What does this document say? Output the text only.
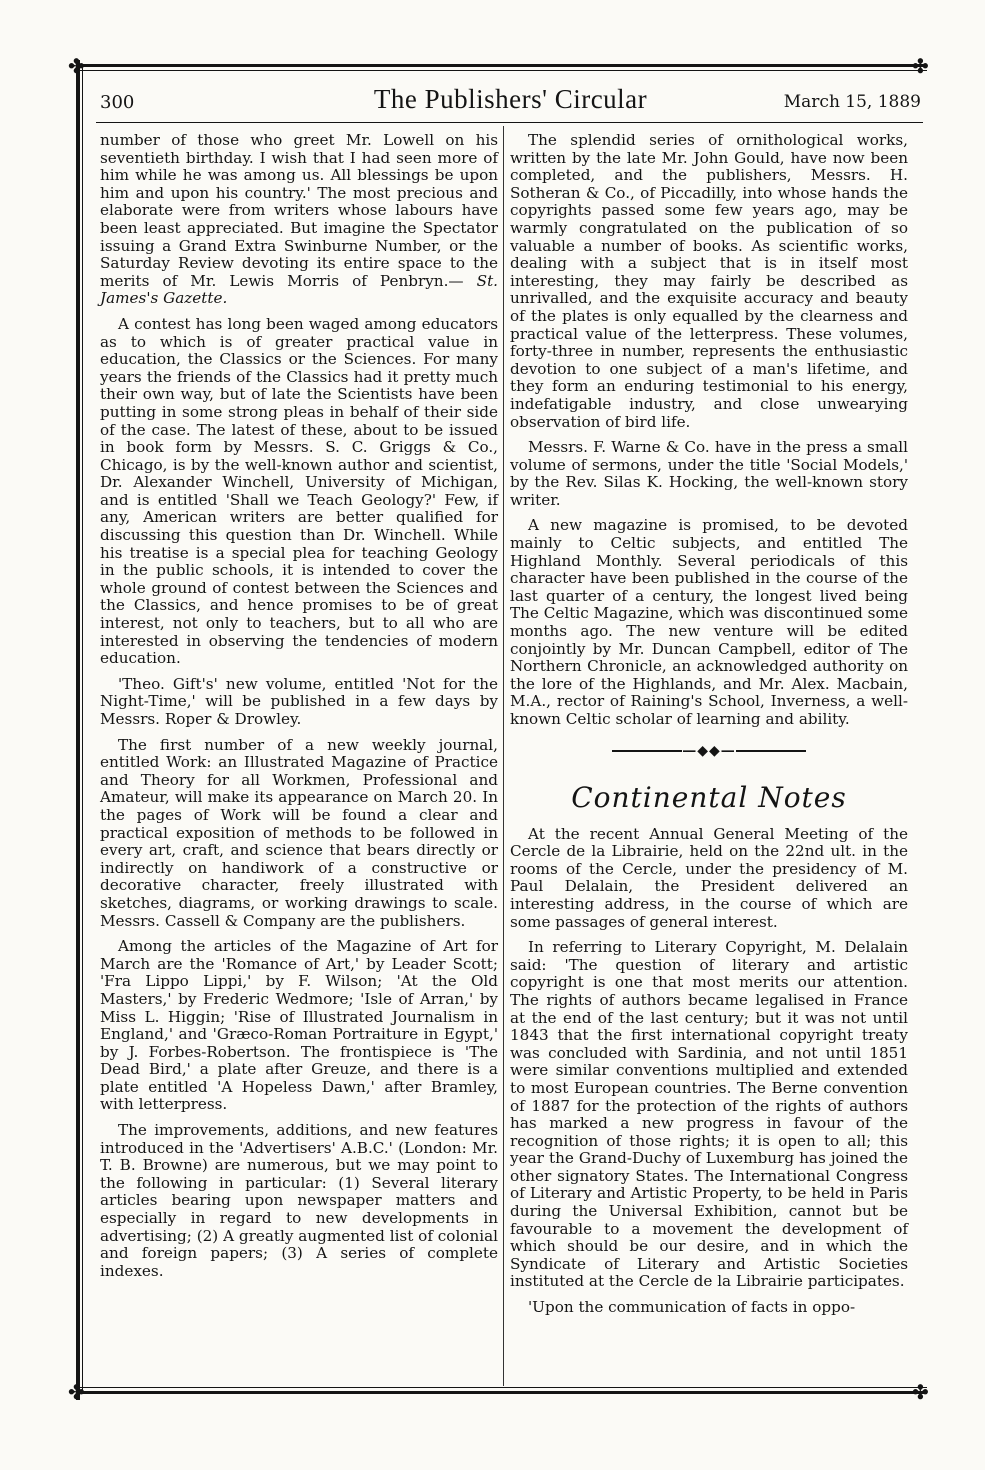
✤	✤
✤	✤
300	The Publishers' Circular	March 15, 1889

number of those who greet Mr. Lowell on his seventieth birthday. I wish that I had seen more of him while he was among us. All blessings be upon him and upon his country.' The most precious and elaborate were from writers whose labours have been least appreciated. But imagine the Spectator issuing a Grand Extra Swinburne Number, or the Saturday Review devoting its entire space to the merits of Mr. Lewis Morris of Penbryn.— St. James's Gazette.

A contest has long been waged among educators as to which is of greater practical value in education, the Classics or the Sciences. For many years the friends of the Classics had it pretty much their own way, but of late the Scientists have been putting in some strong pleas in behalf of their side of the case. The latest of these, about to be issued in book form by Messrs. S. C. Griggs & Co., Chicago, is by the well-known author and scientist, Dr. Alexander Winchell, University of Michigan, and is entitled 'Shall we Teach Geology?' Few, if any, American writers are better qualified for discussing this question than Dr. Winchell. While his treatise is a special plea for teaching Geology in the public schools, it is intended to cover the whole ground of contest between the Sciences and the Classics, and hence promises to be of great interest, not only to teachers, but to all who are interested in observing the tendencies of modern education.

'Theo. Gift's' new volume, entitled 'Not for the Night-Time,' will be published in a few days by Messrs. Roper & Drowley.

The first number of a new weekly journal, entitled Work: an Illustrated Magazine of Practice and Theory for all Workmen, Professional and Amateur, will make its appearance on March 20. In the pages of Work will be found a clear and practical exposition of methods to be followed in every art, craft, and science that bears directly or indirectly on handiwork of a constructive or decorative character, freely illustrated with sketches, diagrams, or working drawings to scale. Messrs. Cassell & Company are the publishers.

Among the articles of the Magazine of Art for March are the 'Romance of Art,' by Leader Scott; 'Fra Lippo Lippi,' by F. Wilson; 'At the Old Masters,' by Frederic Wedmore; 'Isle of Arran,' by Miss L. Higgin; 'Rise of Illustrated Journalism in England,' and 'Græco-Roman Portraiture in Egypt,' by J. Forbes-Robertson. The frontispiece is 'The Dead Bird,' a plate after Greuze, and there is a plate entitled 'A Hopeless Dawn,' after Bramley, with letterpress.

The improvements, additions, and new features introduced in the 'Advertisers' A.B.C.' (London: Mr. T. B. Browne) are numerous, but we may point to the following in particular: (1) Several literary articles bearing upon newspaper matters and especially in regard to new developments in advertising; (2) A greatly augmented list of colonial and foreign papers; (3) A series of complete indexes.

The splendid series of ornithological works, written by the late Mr. John Gould, have now been completed, and the publishers, Messrs. H. Sotheran & Co., of Piccadilly, into whose hands the copyrights passed some few years ago, may be warmly congratulated on the publication of so valuable a number of books. As scientific works, dealing with a subject that is in itself most interesting, they may fairly be described as unrivalled, and the exquisite accuracy and beauty of the plates is only equalled by the clearness and practical value of the letterpress. These volumes, forty-three in number, represents the enthusiastic devotion to one subject of a man's lifetime, and they form an enduring testimonial to his energy, indefatigable industry, and close unwearying observation of bird life.

Messrs. F. Warne & Co. have in the press a small volume of sermons, under the title 'Social Models,' by the Rev. Silas K. Hocking, the well-known story writer.

A new magazine is promised, to be devoted mainly to Celtic subjects, and entitled The Highland Monthly. Several periodicals of this character have been published in the course of the last quarter of a century, the longest lived being The Celtic Magazine, which was discontinued some months ago. The new venture will be edited conjointly by Mr. Duncan Campbell, editor of The Northern Chronicle, an acknowledged authority on the lore of the Highlands, and Mr. Alex. Macbain, M.A., rector of Raining's School, Inverness, a well-known Celtic scholar of learning and ability.

—◆◆—
Continental Notes

At the recent Annual General Meeting of the Cercle de la Librairie, held on the 22nd ult. in the rooms of the Cercle, under the presidency of M. Paul Delalain, the President delivered an interesting address, in the course of which are some passages of general interest.

In referring to Literary Copyright, M. Delalain said: 'The question of literary and artistic copyright is one that most merits our attention. The rights of authors became legalised in France at the end of the last century; but it was not until 1843 that the first international copyright treaty was concluded with Sardinia, and not until 1851 were similar conventions multiplied and extended to most European countries. The Berne convention of 1887 for the protection of the rights of authors has marked a new progress in favour of the recognition of those rights; it is open to all; this year the Grand-Duchy of Luxemburg has joined the other signatory States. The International Congress of Literary and Artistic Property, to be held in Paris during the Universal Exhibition, cannot but be favourable to a movement the development of which should be our desire, and in which the Syndicate of Literary and Artistic Societies instituted at the Cercle de la Librairie participates.

'Upon the communication of facts in oppo-
